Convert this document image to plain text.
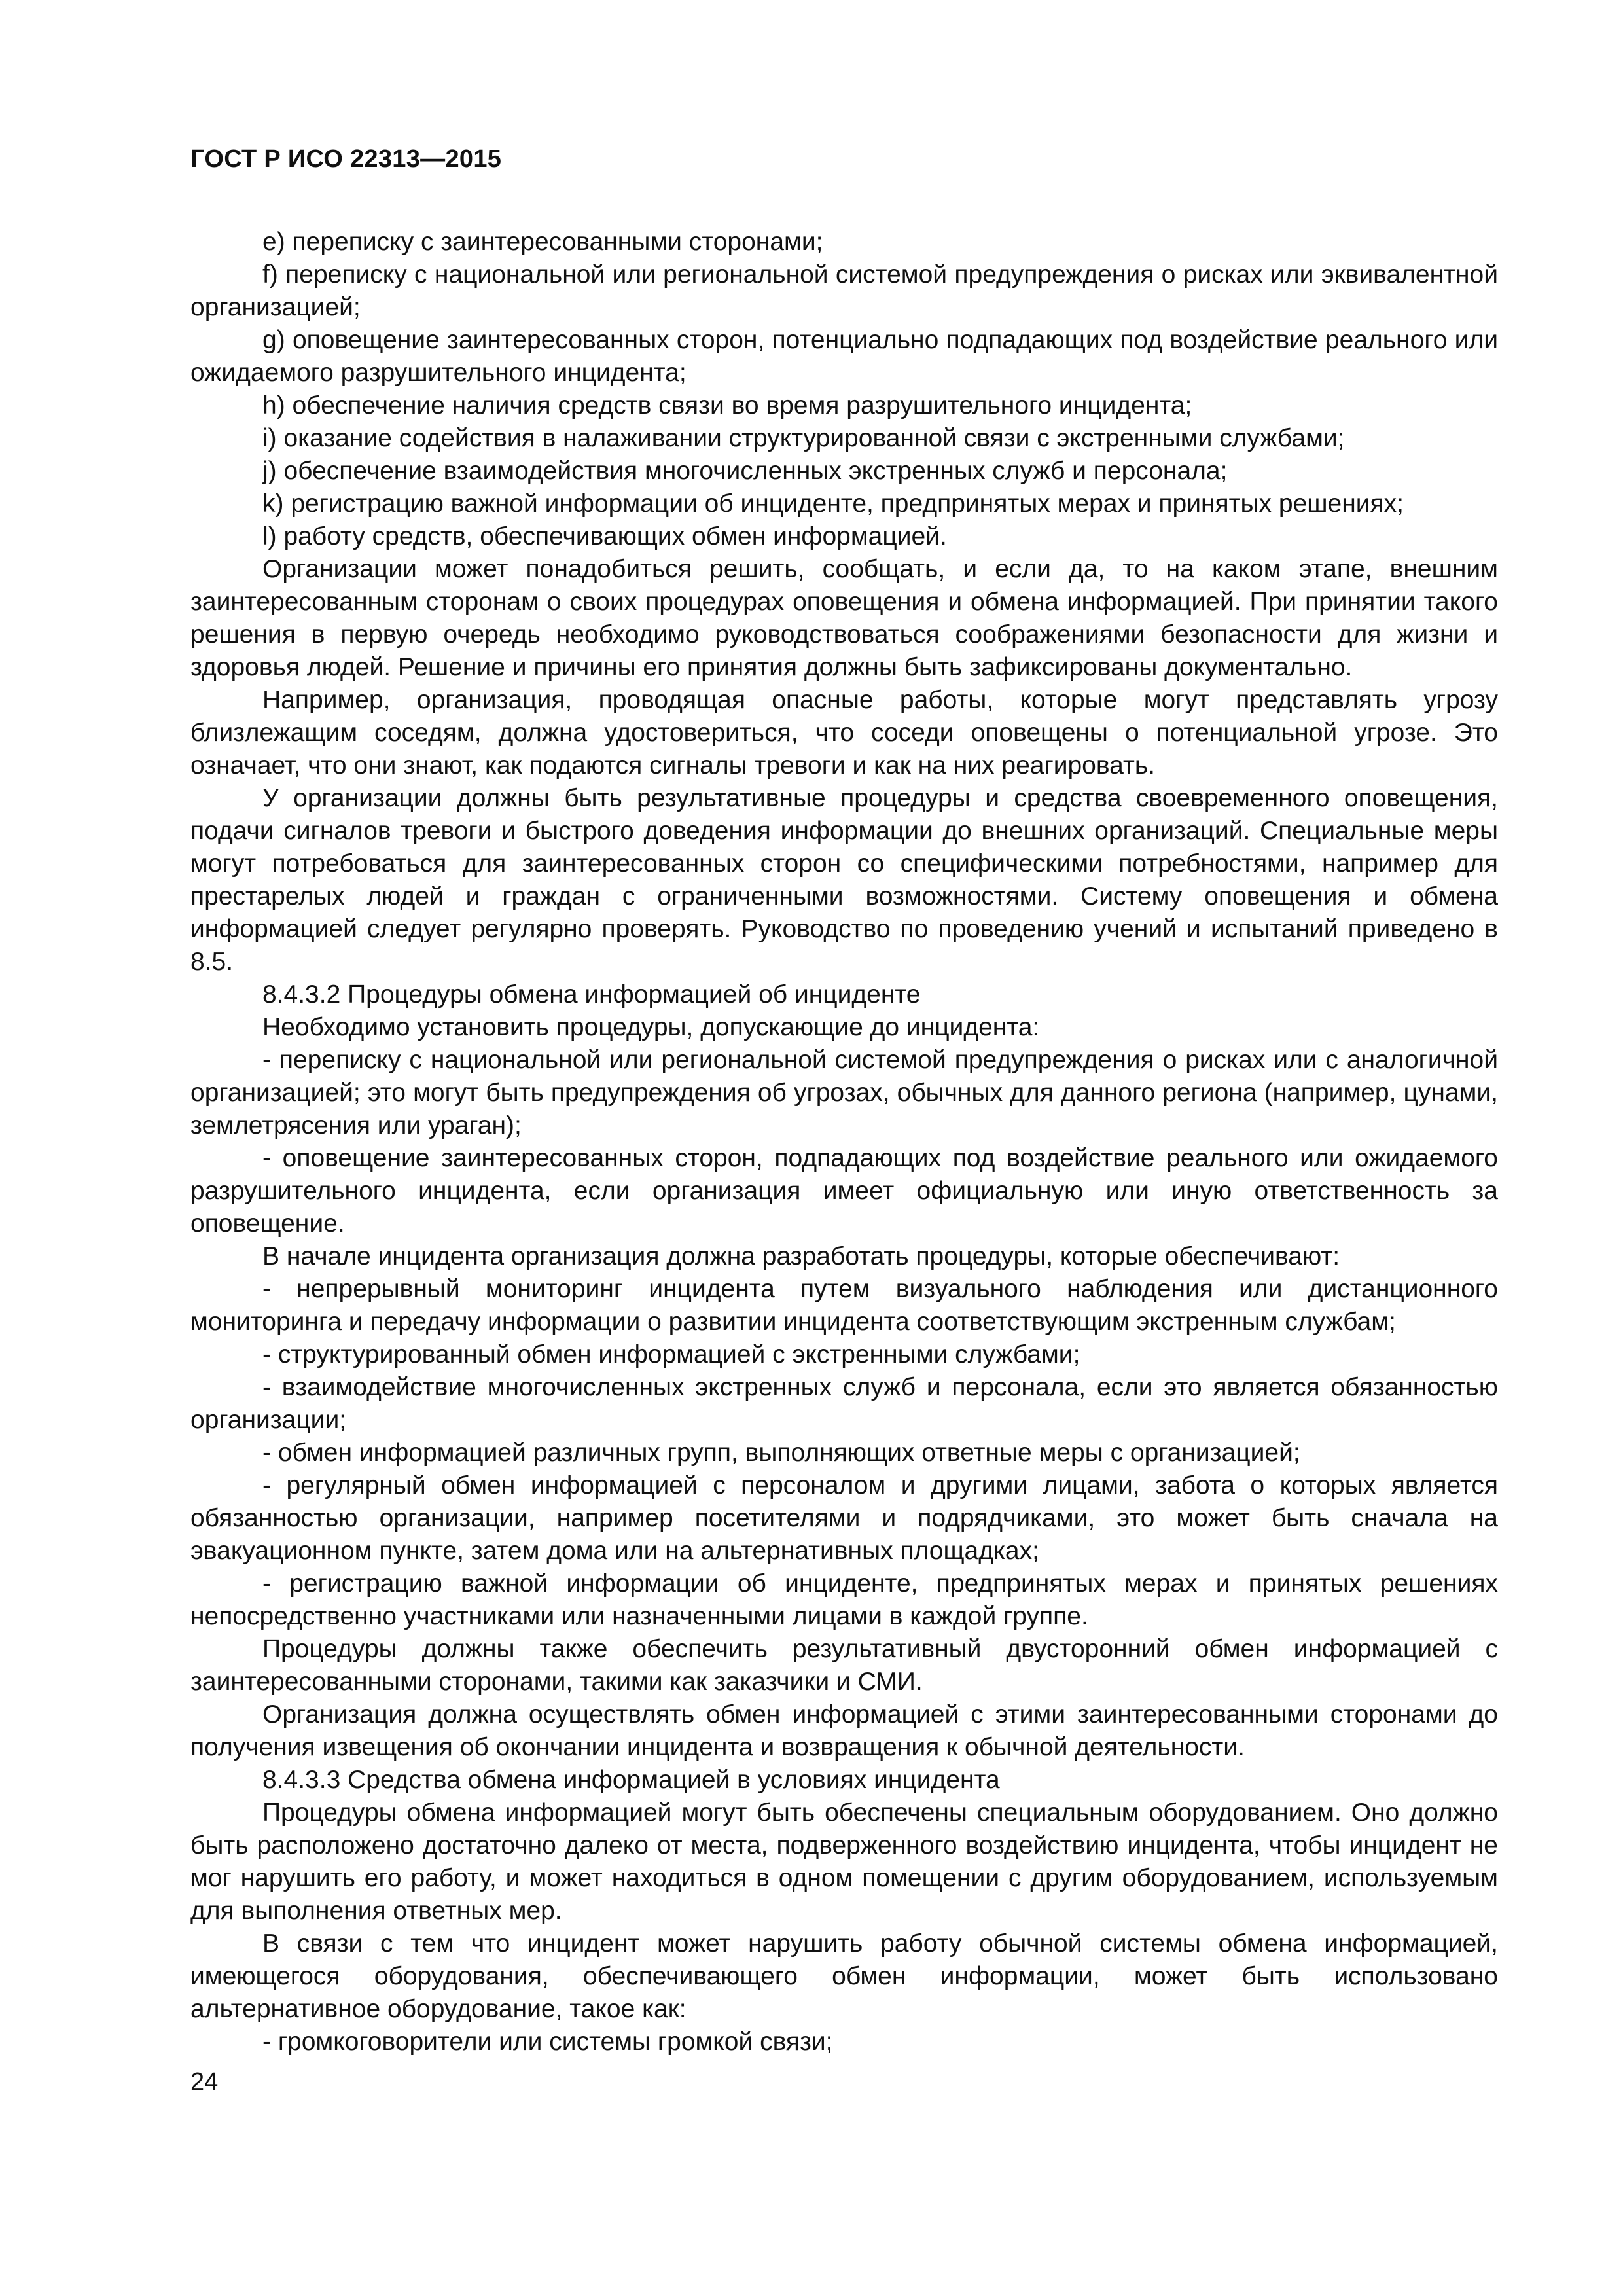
ГОСТ Р ИСО 22313—2015

e) переписку с заинтересованными сторонами;

f) переписку с национальной или региональной системой предупреждения о рисках или эквивалентной организацией;

g) оповещение заинтересованных сторон, потенциально подпадающих под воздействие реального или ожидаемого разрушительного инцидента;

h) обеспечение наличия средств связи во время разрушительного инцидента;

i) оказание содействия в налаживании структурированной связи с экстренными службами;

j) обеспечение взаимодействия многочисленных экстренных служб и персонала;

k) регистрацию важной информации об инциденте, предпринятых мерах и принятых решениях;

l) работу средств, обеспечивающих обмен информацией.

Организации может понадобиться решить, сообщать, и если да, то на каком этапе, внешним заинтересованным сторонам о своих процедурах оповещения и обмена информацией. При принятии такого решения в первую очередь необходимо руководствоваться соображениями безопасности для жизни и здоровья людей. Решение и причины его принятия должны быть зафиксированы документально.

Например, организация, проводящая опасные работы, которые могут представлять угрозу близлежащим соседям, должна удостовериться, что соседи оповещены о потенциальной угрозе. Это означает, что они знают, как подаются сигналы тревоги и как на них реагировать.

У организации должны быть результативные процедуры и средства своевременного оповещения, подачи сигналов тревоги и быстрого доведения информации до внешних организаций. Специальные меры могут потребоваться для заинтересованных сторон со специфическими потребностями, например для престарелых людей и граждан с ограниченными возможностями. Систему оповещения и обмена информацией следует регулярно проверять. Руководство по проведению учений и испытаний приведено в 8.5.

8.4.3.2 Процедуры обмена информацией об инциденте

Необходимо установить процедуры, допускающие до инцидента:

- переписку с национальной или региональной системой предупреждения о рисках или с аналогичной организацией; это могут быть предупреждения об угрозах, обычных для данного региона (например, цунами, землетрясения или ураган);

- оповещение заинтересованных сторон, подпадающих под воздействие реального или ожидаемого разрушительного инцидента, если организация имеет официальную или иную ответственность за оповещение.

В начале инцидента организация должна разработать процедуры, которые обеспечивают:

- непрерывный мониторинг инцидента путем визуального наблюдения или дистанционного мониторинга и передачу информации о развитии инцидента соответствующим экстренным службам;

- структурированный обмен информацией с экстренными службами;

- взаимодействие многочисленных экстренных служб и персонала, если это является обязанностью организации;

- обмен информацией различных групп, выполняющих ответные меры с организацией;

- регулярный обмен информацией с персоналом и другими лицами, забота о которых является обязанностью организации, например посетителями и подрядчиками, это может быть сначала на эвакуационном пункте, затем дома или на альтернативных площадках;

- регистрацию важной информации об инциденте, предпринятых мерах и принятых решениях непосредственно участниками или назначенными лицами в каждой группе.

Процедуры должны также обеспечить результативный двусторонний обмен информацией с заинтересованными сторонами, такими как заказчики и СМИ.

Организация должна осуществлять обмен информацией с этими заинтересованными сторонами до получения извещения об окончании инцидента и возвращения к обычной деятельности.

8.4.3.3 Средства обмена информацией в условиях инцидента

Процедуры обмена информацией могут быть обеспечены специальным оборудованием. Оно должно быть расположено достаточно далеко от места, подверженного воздействию инцидента, чтобы инцидент не мог нарушить его работу, и может находиться в одном помещении с другим оборудованием, используемым для выполнения ответных мер.

В связи с тем что инцидент может нарушить работу обычной системы обмена информацией, имеющегося оборудования, обеспечивающего обмен информации, может быть использовано альтернативное оборудование, такое как:

- громкоговорители или системы громкой связи;

24
